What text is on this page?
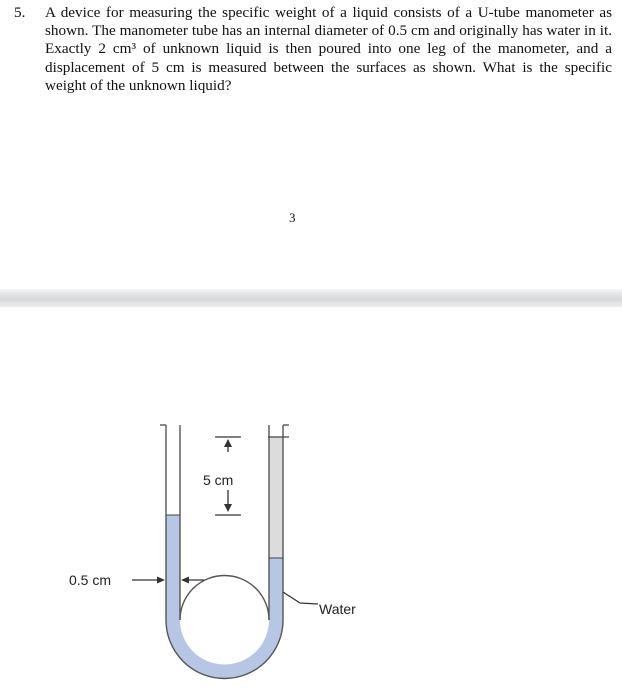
5. A device for measuring the specific weight of a liquid consists of a U-tube manometer as shown. The manometer tube has an internal diameter of 0.5 cm and originally has water in it. Exactly 2 cm³ of unknown liquid is then poured into one leg of the manometer, and a displacement of 5 cm is measured between the surfaces as shown. What is the specific weight of the unknown liquid?
3
5 cm
0.5 cm
Water
